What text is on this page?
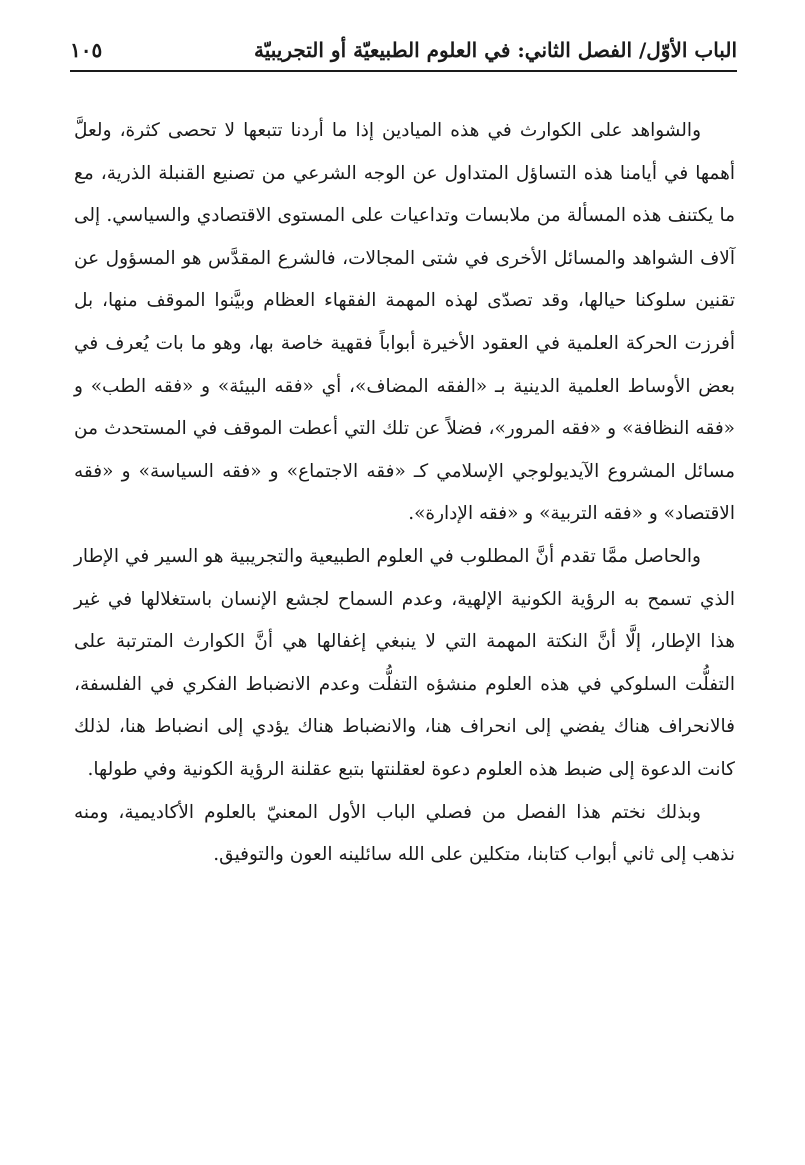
الباب الأوّل/ الفصل الثاني: في العلوم الطبيعيّة أو التجريبيّة
١٠٥

والشواهد على الكوارث في هذه الميادين إذا ما أردنا تتبعها لا تحصى كثرة، ولعلَّ أهمها في أيامنا هذه التساؤل المتداول عن الوجه الشرعي من تصنيع القنبلة الذرية، مع ما يكتنف هذه المسألة من ملابسات وتداعيات على المستوى الاقتصادي والسياسي. إلى آلاف الشواهد والمسائل الأخرى في شتى المجالات، فالشرع المقدَّس هو المسؤول عن تقنين سلوكنا حيالها، وقد تصدّى لهذه المهمة الفقهاء العظام وبيَّنوا الموقف منها، بل أفرزت الحركة العلمية في العقود الأخيرة أبواباً فقهية خاصة بها، وهو ما بات يُعرف في بعض الأوساط العلمية الدينية بـ «الفقه المضاف»، أي «فقه البيئة» و «فقه الطب» و «فقه النظافة» و «فقه المرور»، فضلاً عن تلك التي أعطت الموقف في المستحدث من مسائل المشروع الآيديولوجي الإسلامي كـ «فقه الاجتماع» و «فقه السياسة» و «فقه الاقتصاد» و «فقه التربية» و «فقه الإدارة».

والحاصل ممَّا تقدم أنَّ المطلوب في العلوم الطبيعية والتجريبية هو السير في الإطار الذي تسمح به الرؤية الكونية الإلهية، وعدم السماح لجشع الإنسان باستغلالها في غير هذا الإطار، إلَّا أنَّ النكتة المهمة التي لا ينبغي إغفالها هي أنَّ الكوارث المترتبة على التفلُّت السلوكي في هذه العلوم منشؤه التفلُّت وعدم الانضباط الفكري في الفلسفة، فالانحراف هناك يفضي إلى انحراف هنا، والانضباط هناك يؤدي إلى انضباط هنا، لذلك كانت الدعوة إلى ضبط هذه العلوم دعوة لعقلنتها بتبع عقلنة الرؤية الكونية وفي طولها.

وبذلك نختم هذا الفصل من فصلي الباب الأول المعنيّ بالعلوم الأكاديمية، ومنه نذهب إلى ثاني أبواب كتابنا، متكلين على الله سائلينه العون والتوفيق.
